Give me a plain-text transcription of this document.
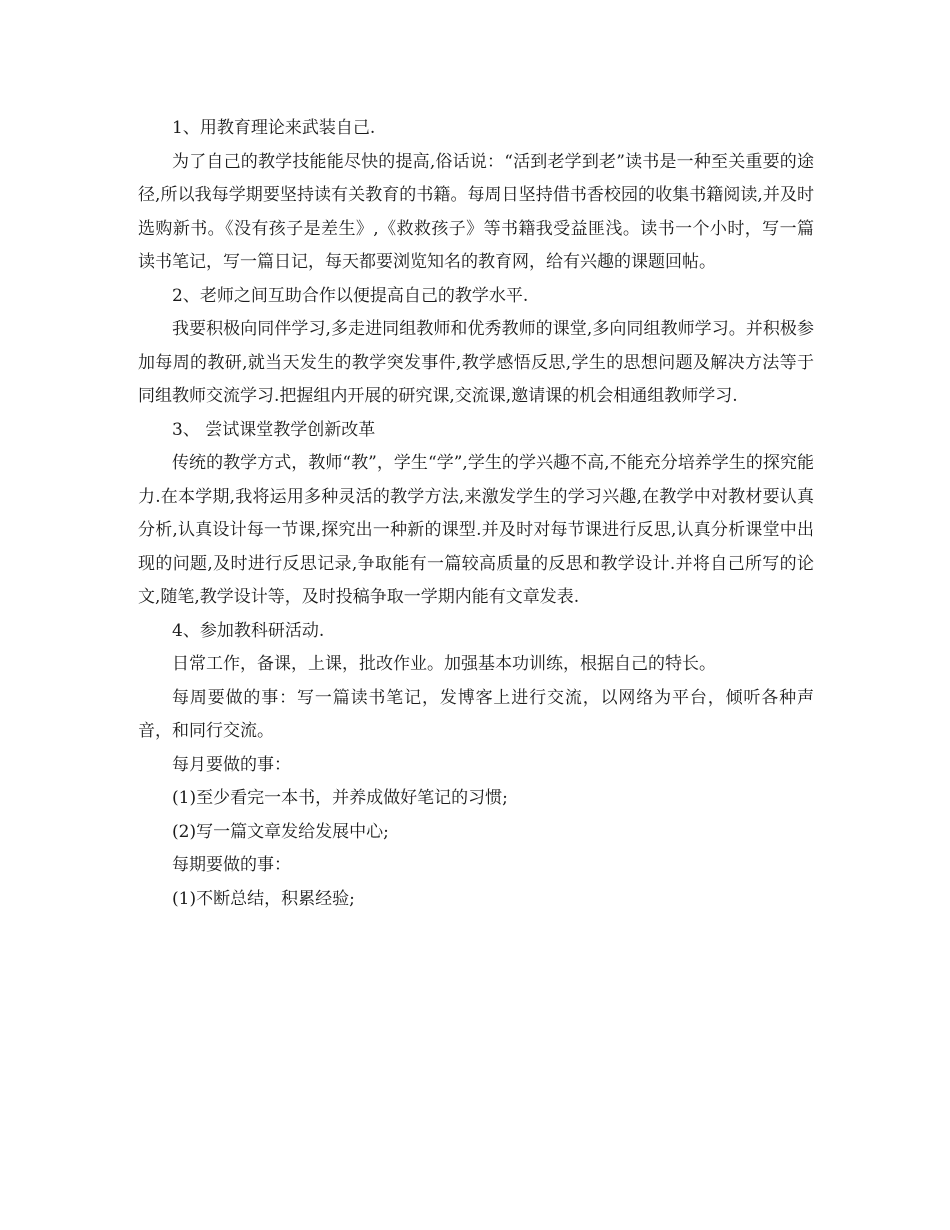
1、用教育理论来武装自己.

为了自己的教学技能能尽快的提高,俗话说：“活到老学到老”读书是一种至关重要的途径,所以我每学期要坚持读有关教育的书籍。每周日坚持借书香校园的收集书籍阅读,并及时选购新书。《没有孩子是差生》,《救救孩子》等书籍我受益匪浅。读书一个小时，写一篇读书笔记，写一篇日记，每天都要浏览知名的教育网，给有兴趣的课题回帖。

2、老师之间互助合作以便提高自己的教学水平.

我要积极向同伴学习,多走进同组教师和优秀教师的课堂,多向同组教师学习。并积极参加每周的教研,就当天发生的教学突发事件,教学感悟反思,学生的思想问题及解决方法等于同组教师交流学习.把握组内开展的研究课,交流课,邀请课的机会相通组教师学习.

3、 尝试课堂教学创新改革

传统的教学方式，教师“教”，学生“学”,学生的学兴趣不高,不能充分培养学生的探究能力.在本学期,我将运用多种灵活的教学方法,来激发学生的学习兴趣,在教学中对教材要认真分析,认真设计每一节课,探究出一种新的课型.并及时对每节课进行反思,认真分析课堂中出现的问题,及时进行反思记录,争取能有一篇较高质量的反思和教学设计.并将自己所写的论文,随笔,教学设计等，及时投稿争取一学期内能有文章发表.

4、参加教科研活动.

日常工作，备课，上课，批改作业。加强基本功训练，根据自己的特长。

每周要做的事：写一篇读书笔记，发博客上进行交流，以网络为平台，倾听各种声音，和同行交流。

每月要做的事：

(1)至少看完一本书，并养成做好笔记的习惯;

(2)写一篇文章发给发展中心;

每期要做的事：

(1)不断总结，积累经验;
